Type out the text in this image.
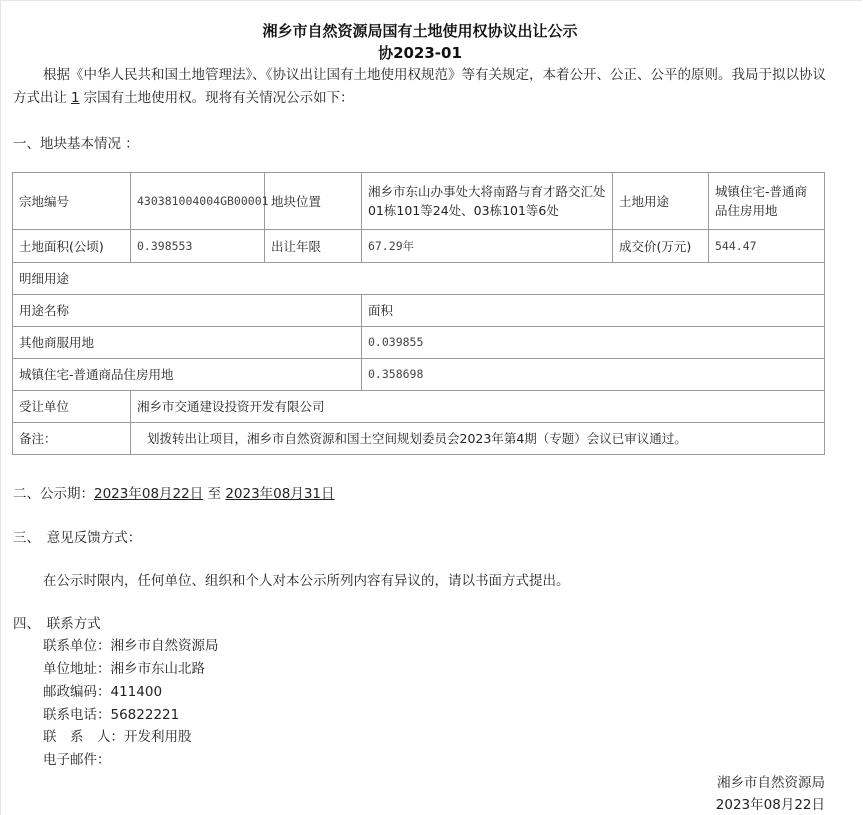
湘乡市自然资源局国有土地使用权协议出让公示
协2023-01
根据《中华人民共和国土地管理法》、《协议出让国有土地使用权规范》等有关规定，本着公开、公正、公平的原则。我局于拟以协议方式出让 1 宗国有土地使用权。现将有关情况公示如下：
一、地块基本情况 ：
宗地编号	430381004004GB00001	地块位置	湘乡市东山办事处大将南路与育才路交汇处01栋101等24处、03栋101等6处	土地用途	城镇住宅-普通商品住房用地
土地面积(公顷)	0.398553	出让年限	67.29年	成交价(万元)	544.47
明细用途					
用途名称			面积		
其他商服用地			0.039855		
城镇住宅-普通商品住房用地			0.358698		
受让单位	湘乡市交通建设投资开发有限公司				
备注：	划拨转出让项目，湘乡市自然资源和国土空间规划委员会2023年第4期（专题）会议已审议通过。				
二、公示期：2023年08月22日 至 2023年08月31日
三、　意见反馈方式：
在公示时限内，任何单位、组织和个人对本公示所列内容有异议的，请以书面方式提出。
四、　联系方式
联系单位：湘乡市自然资源局
单位地址：湘乡市东山北路
邮政编码：411400
联系电话：56822221
联　系　人：开发利用股
电子邮件：
湘乡市自然资源局
2023年08月22日
